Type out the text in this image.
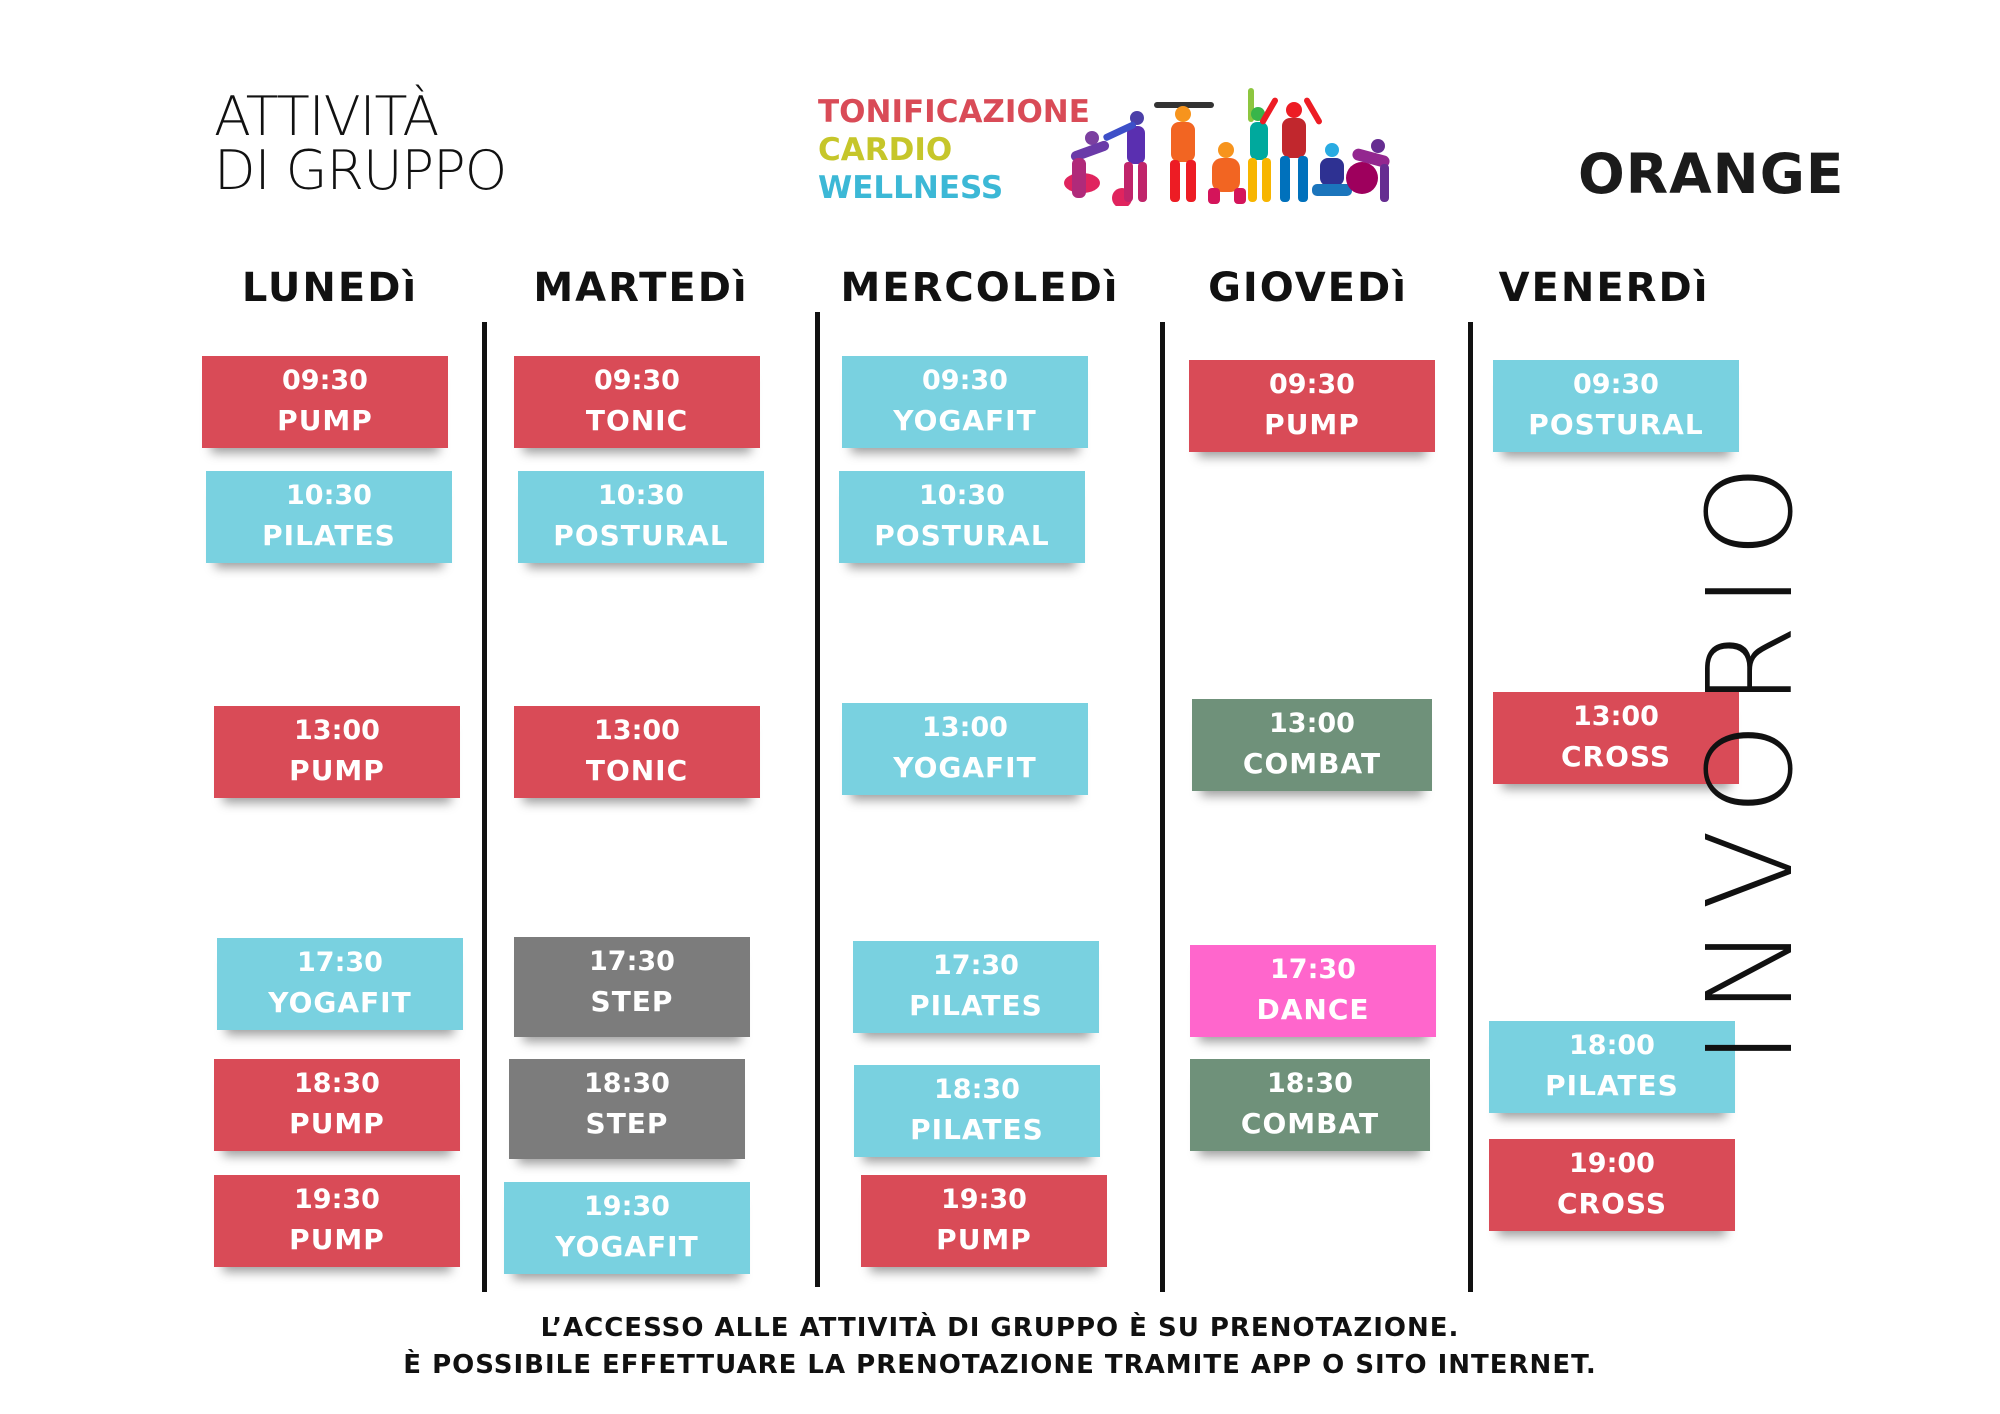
ATTIVITÀ
DI GRUPPO
TONIFICAZIONE
CARDIO
WELLNESS	ORANGE
LUNEDì	MARTEDì MERCOLEDì GIOVEDì VENERDì
09:30
PUMP
10:30
PILATES
13:00
PUMP
17:30
YOGAFIT
18:30
PUMP
19:30
PUMP
09:30
TONIC
10:30
POSTURAL
13:00
TONIC
17:30
STEP
18:30
STEP
19:30
YOGAFIT
09:30
YOGAFIT
10:30
POSTURAL
13:00
YOGAFIT
17:30
PILATES
18:30
PILATES
19:30
PUMP
09:30
PUMP
13:00
COMBAT
17:30
DANCE
18:30
COMBAT
09:30
POSTURAL
13:00
CROSS
18:00
PILATES
19:00
CROSS
INVORIO
L’ACCESSO ALLE ATTIVITÀ DI GRUPPO È SU PRENOTAZIONE.
È POSSIBILE EFFETTUARE LA PRENOTAZIONE TRAMITE APP O SITO INTERNET.
